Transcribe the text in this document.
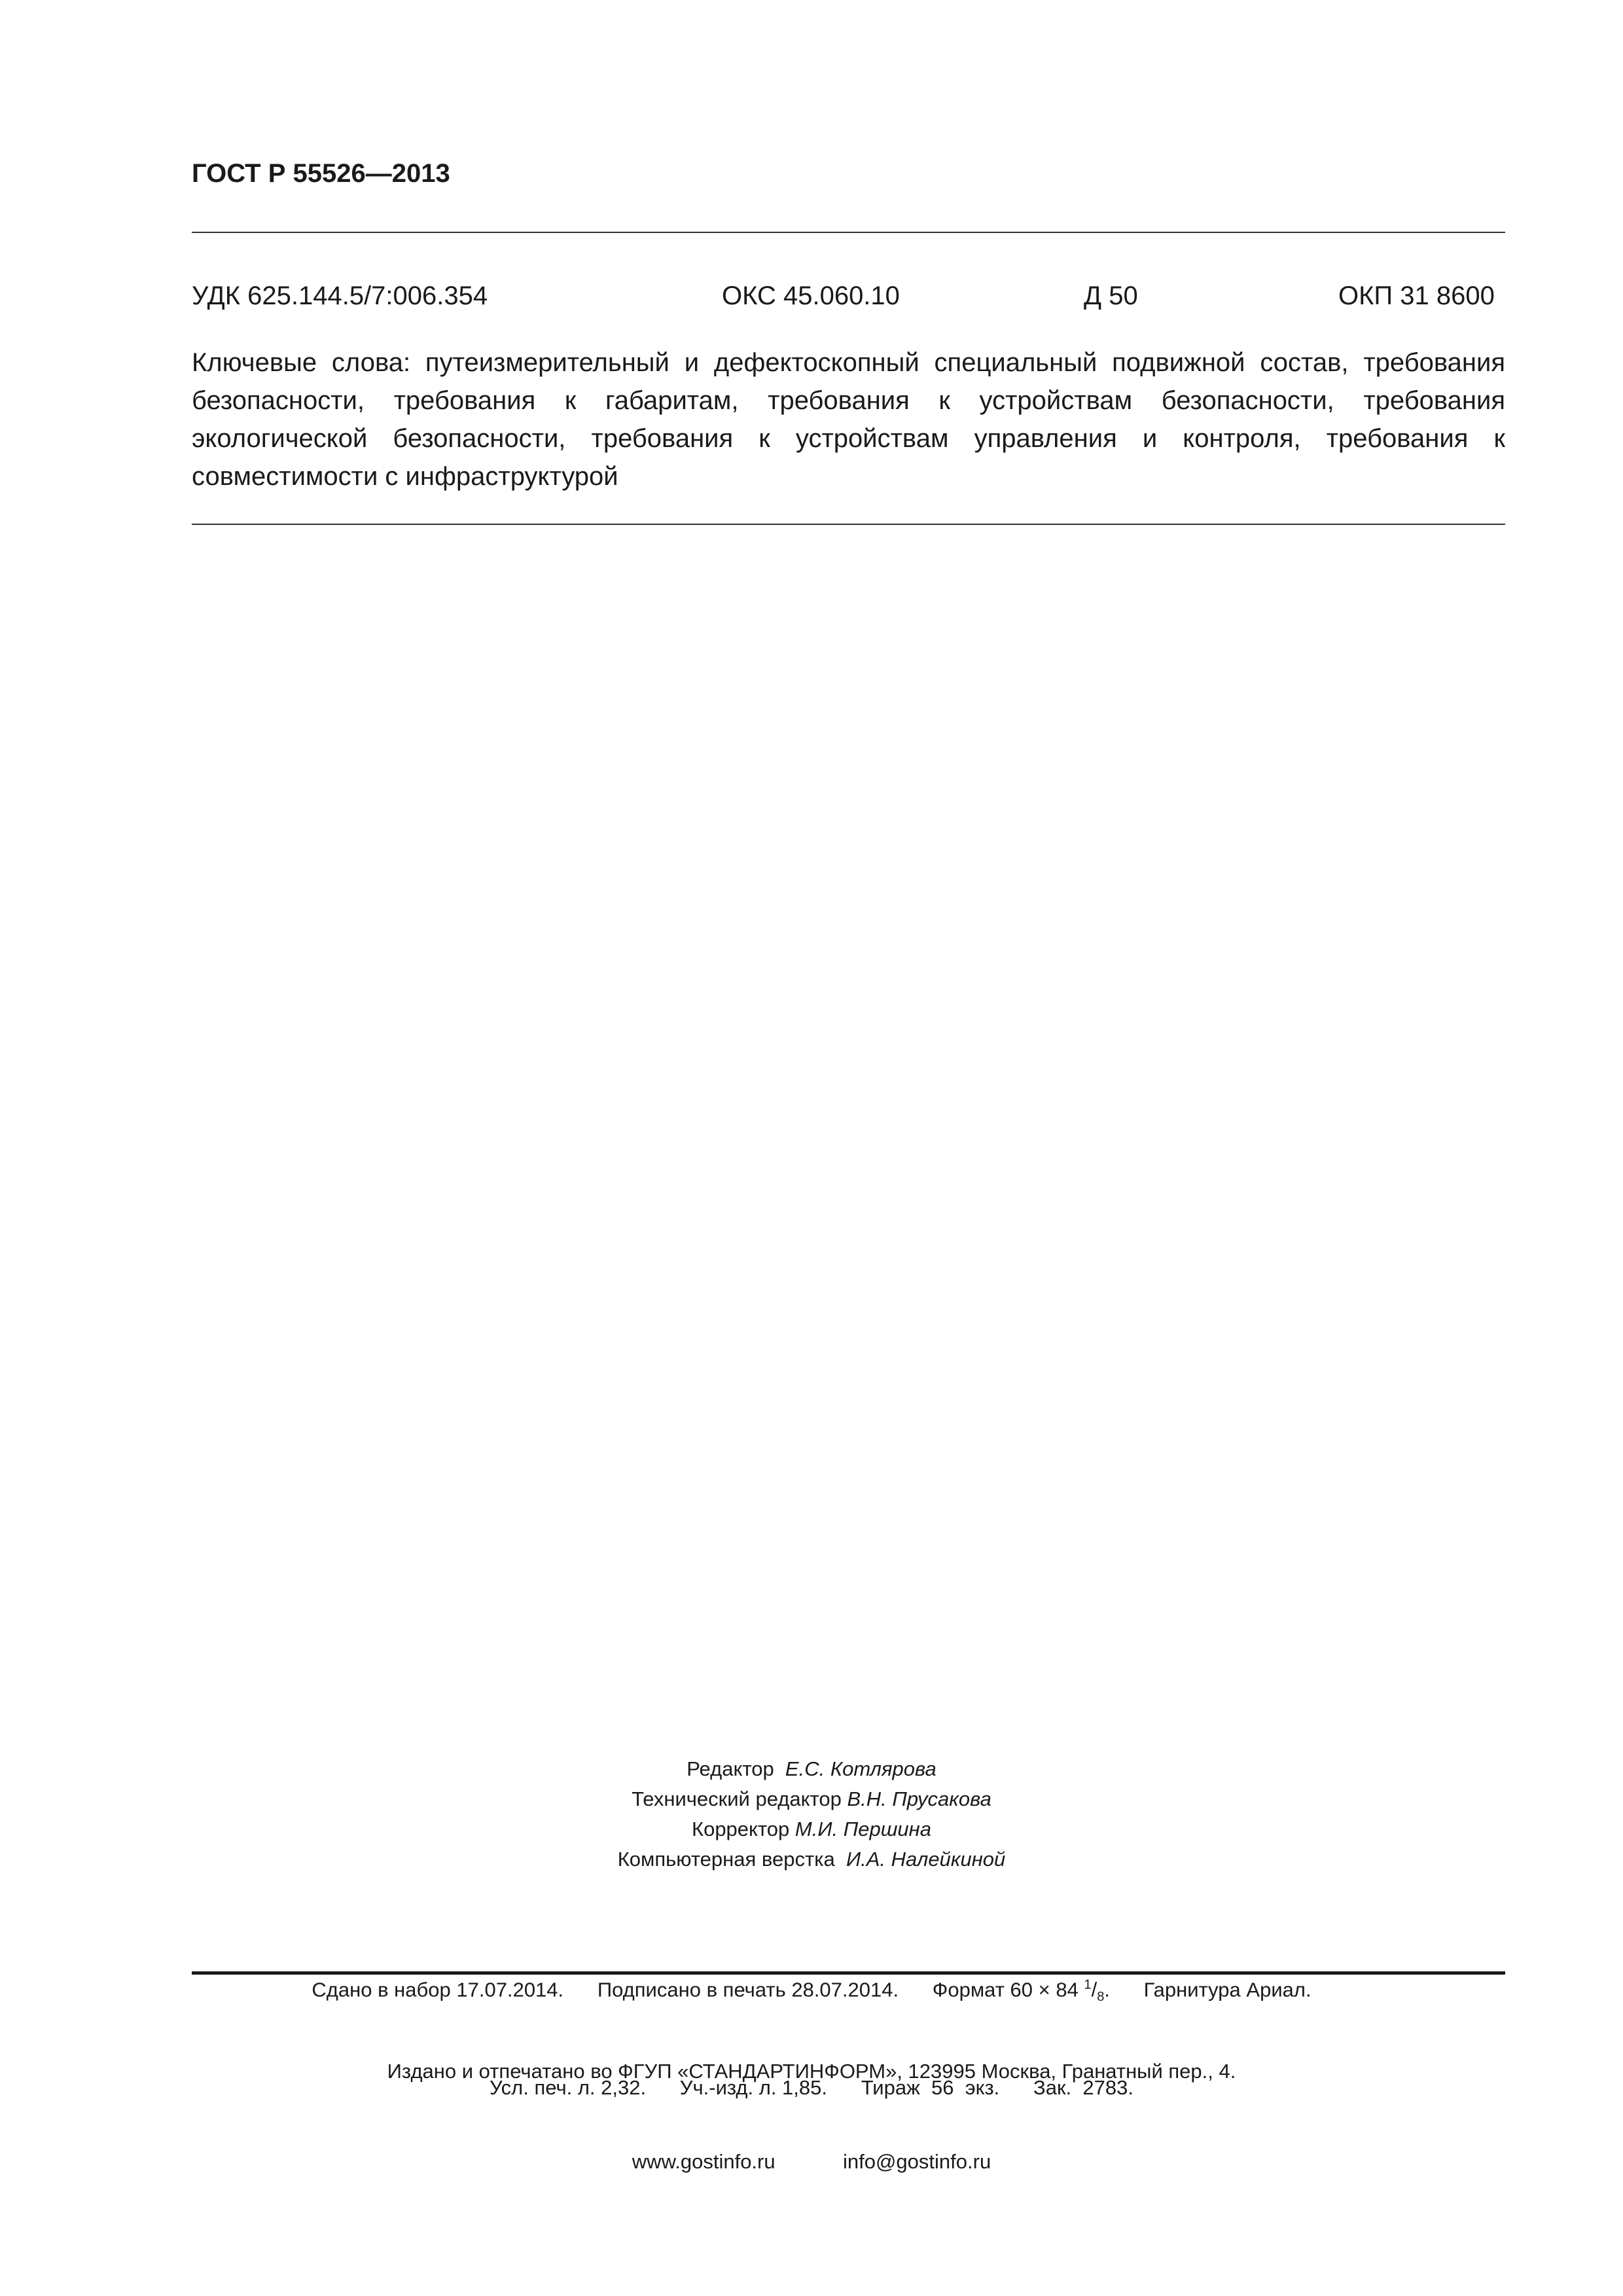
ГОСТ Р 55526—2013
УДК 625.144.5/7:006.354	ОКС 45.060.10	Д 50	ОКП 31 8600
Ключевые слова: путеизмерительный и дефектоскопный специальный подвижной состав, требования безопасности, требования к габаритам, требования к устройствам безопасности, требования экологической безопасности, требования к устройствам управления и контроля, требования к совместимости с инфраструктурой
Редактор Е.С. Котлярова
Технический редактор В.Н. Прусакова
Корректор М.И. Першина
Компьютерная верстка И.А. Налейкиной

Сдано в набор 17.07.2014. Подписано в печать 28.07.2014. Формат 60 × 84 $^1/_8$. Гарнитура Ариал.

Усл. печ. л. 2,32. Уч.-изд. л. 1,85. Тираж  56  экз. Зак.  2783.

Издано и отпечатано во ФГУП «СТАНДАРТИНФОРМ», 123995 Москва, Гранатный пер., 4.

www.gostinfo.ru	info@gostinfo.ru
